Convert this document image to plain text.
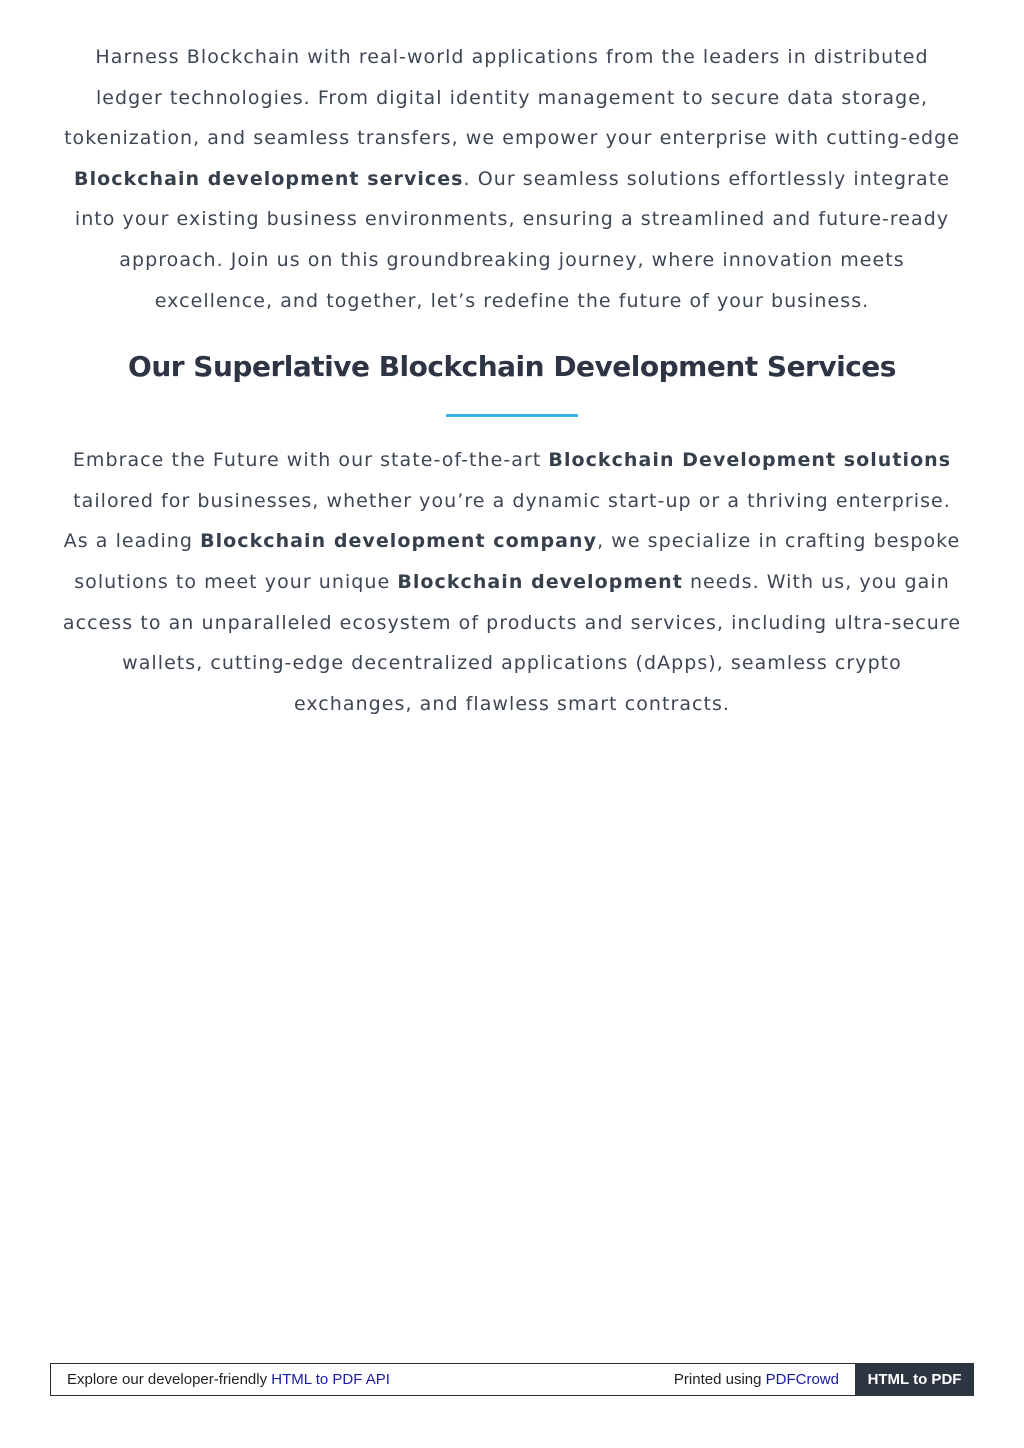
Harness Blockchain with real-world applications from the leaders in distributed ledger technologies. From digital identity management to secure data storage, tokenization, and seamless transfers, we empower your enterprise with cutting-edge Blockchain development services. Our seamless solutions effortlessly integrate into your existing business environments, ensuring a streamlined and future-ready approach. Join us on this groundbreaking journey, where innovation meets excellence, and together, let’s redefine the future of your business.

Our Superlative Blockchain Development Services

Embrace the Future with our state-of-the-art Blockchain Development solutions tailored for businesses, whether you’re a dynamic start-up or a thriving enterprise. As a leading Blockchain development company, we specialize in crafting bespoke solutions to meet your unique Blockchain development needs. With us, you gain access to an unparalleled ecosystem of products and services, including ultra-secure wallets, cutting-edge decentralized applications (dApps), seamless crypto exchanges, and flawless smart contracts.

Explore our developer-friendly HTML to PDF API	Printed using PDFCrowd	HTML to PDF
